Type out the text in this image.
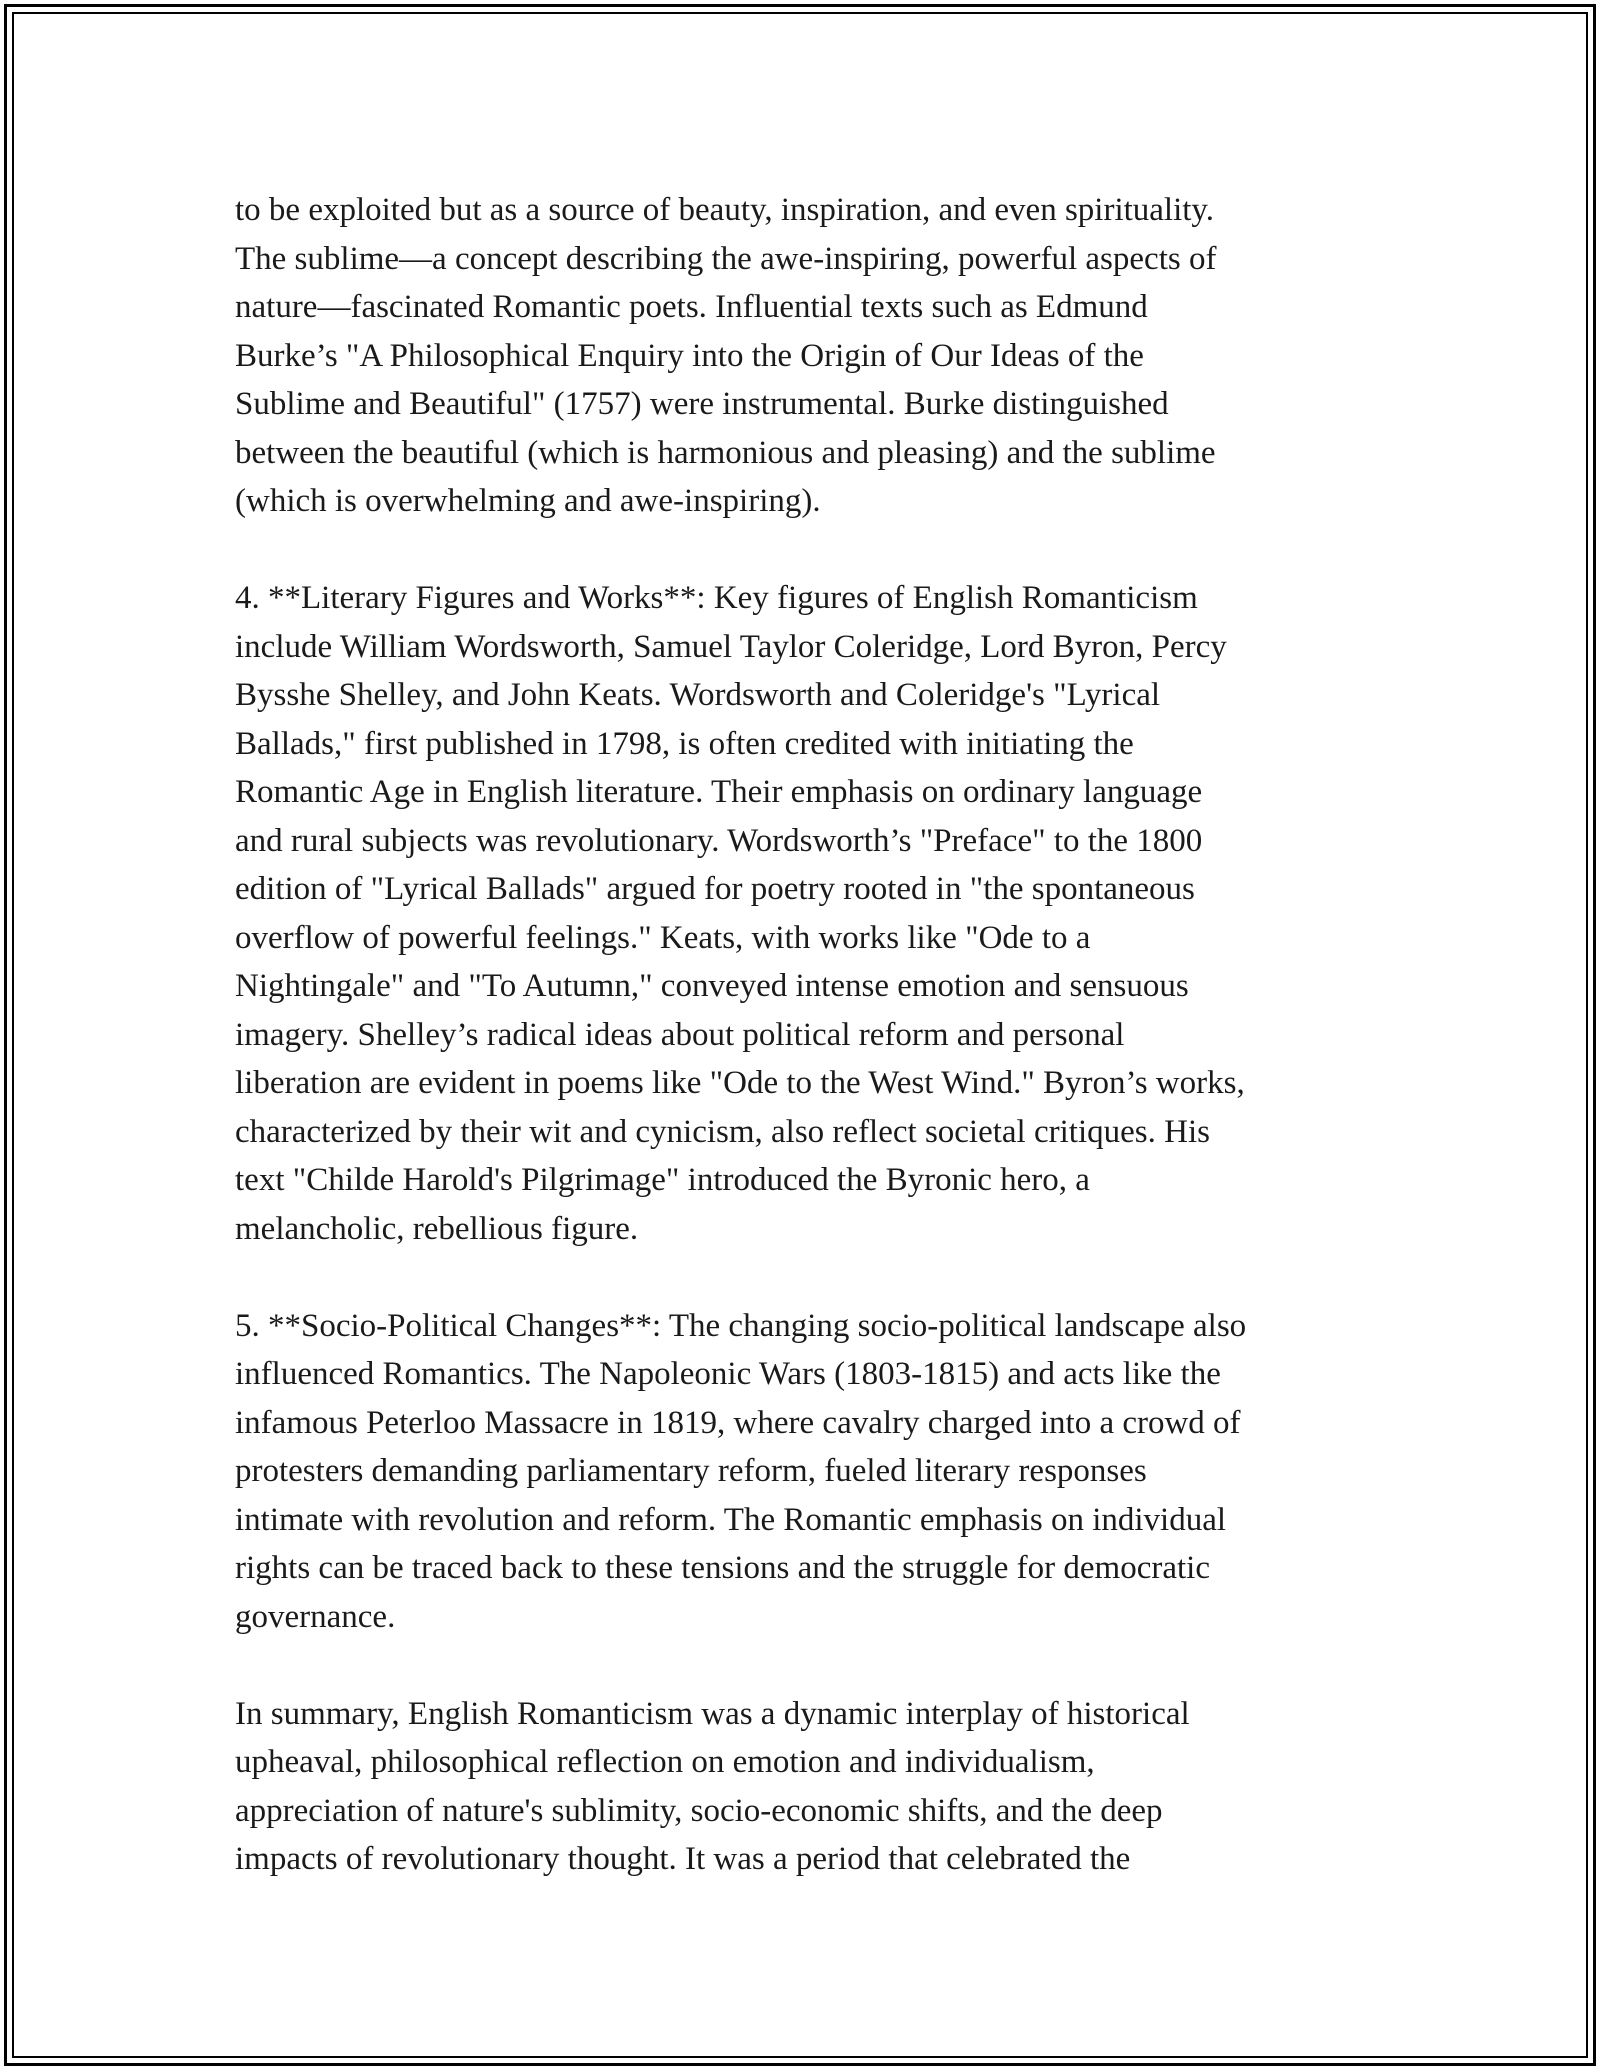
to be exploited but as a source of beauty, inspiration, and even spirituality.
The sublime—a concept describing the awe-inspiring, powerful aspects of
nature—fascinated Romantic poets. Influential texts such as Edmund
Burke’s "A Philosophical Enquiry into the Origin of Our Ideas of the
Sublime and Beautiful" (1757) were instrumental. Burke distinguished
between the beautiful (which is harmonious and pleasing) and the sublime
(which is overwhelming and awe-inspiring).

4. **Literary Figures and Works**: Key figures of English Romanticism
include William Wordsworth, Samuel Taylor Coleridge, Lord Byron, Percy
Bysshe Shelley, and John Keats. Wordsworth and Coleridge's "Lyrical
Ballads," first published in 1798, is often credited with initiating the
Romantic Age in English literature. Their emphasis on ordinary language
and rural subjects was revolutionary. Wordsworth’s "Preface" to the 1800
edition of "Lyrical Ballads" argued for poetry rooted in "the spontaneous
overflow of powerful feelings." Keats, with works like "Ode to a
Nightingale" and "To Autumn," conveyed intense emotion and sensuous
imagery. Shelley’s radical ideas about political reform and personal
liberation are evident in poems like "Ode to the West Wind." Byron’s works,
characterized by their wit and cynicism, also reflect societal critiques. His
text "Childe Harold's Pilgrimage" introduced the Byronic hero, a
melancholic, rebellious figure.

5. **Socio-Political Changes**: The changing socio-political landscape also
influenced Romantics. The Napoleonic Wars (1803-1815) and acts like the
infamous Peterloo Massacre in 1819, where cavalry charged into a crowd of
protesters demanding parliamentary reform, fueled literary responses
intimate with revolution and reform. The Romantic emphasis on individual
rights can be traced back to these tensions and the struggle for democratic
governance.

In summary, English Romanticism was a dynamic interplay of historical
upheaval, philosophical reflection on emotion and individualism,
appreciation of nature's sublimity, socio-economic shifts, and the deep
impacts of revolutionary thought. It was a period that celebrated the
